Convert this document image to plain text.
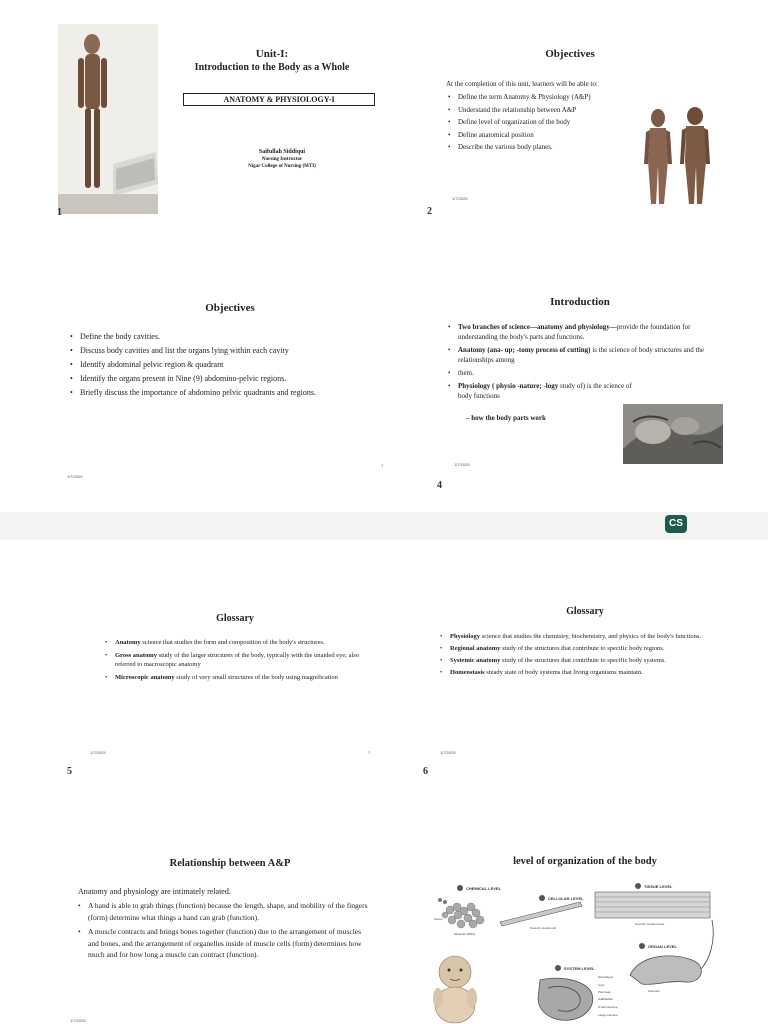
Unit-I:
Introduction to the Body as a Whole
ANATOMY & PHYSIOLOGY-I
Saifullah Siddiqui
Nursing Instructor
Nigar College of Nursing (MTI)
1
Objectives
At the completion of this unit, learners will be able to:
• Define the term Anatomy & Physiology (A&P)
• Understand the relationship between A&P
• Define level of organization of the body
• Define anatomical position
• Describe the various body planes.
1/7/2025
2
Objectives
• Define the body cavities.
• Discuss body cavities and list the organs lying within each cavity
• Identify abdominal pelvic region & quadrant
• Identify the organs present in Nine (9) abdomino-pelvic regions.
• Briefly discuss the importance of abdomino pelvic quadrants and regions.
1/7/2025
3
Introduction
• Two branches of science—anatomy and physiology—provide the foundation for understanding the body's parts and functions.
• Anatomy (ana- up; -tomy process of cutting) is the science of body structures and the relationships among
• them.
• Physiology ( physio -nature; -logy study of) is the science of body functions
– how the body parts work
1/7/2025
4
CS
Glossary
• Anatomy science that studies the form and composition of the body's structures.
• Gross anatomy study of the larger structures of the body, typically with the unaided eye; also referred to macroscopic anatomy
• Microscopic anatomy study of very small structures of the body using magnification
1/7/2025	5
5
Glossary
• Physiology science that studies the chemistry, biochemistry, and physics of the body's functions.
• Regional anatomy study of the structures that contribute to specific body regions.
• Systemic anatomy study of the structures that contribute to specific body systems.
• Homeostasis steady state of body systems that living organisms maintain.
1/7/2025
6
Relationship between A&P
Anatomy and physiology are intimately related.
• A hand is able to grab things (function) because the length, shape, and mobility of the fingers (form) determine what things a hand can grab (function).
• A muscle contracts and brings bones together (function) due to the arrangement of muscles and bones, and the arrangement of organelles inside of muscle cells (form) determines how much and for how long a muscle can contract (function).
1/7/2025
level of organization of the body
CHEMICAL LEVEL
Atoms
Molecule (DNA)
CELLULAR LEVEL
Smooth muscle cell
TISSUE LEVEL
Smooth muscle tissue
ORGAN LEVEL
Stomach
SYSTEM LEVEL
Esophagus
Liver
Pancreas
Gallbladder
Small intestine
Large intestine
